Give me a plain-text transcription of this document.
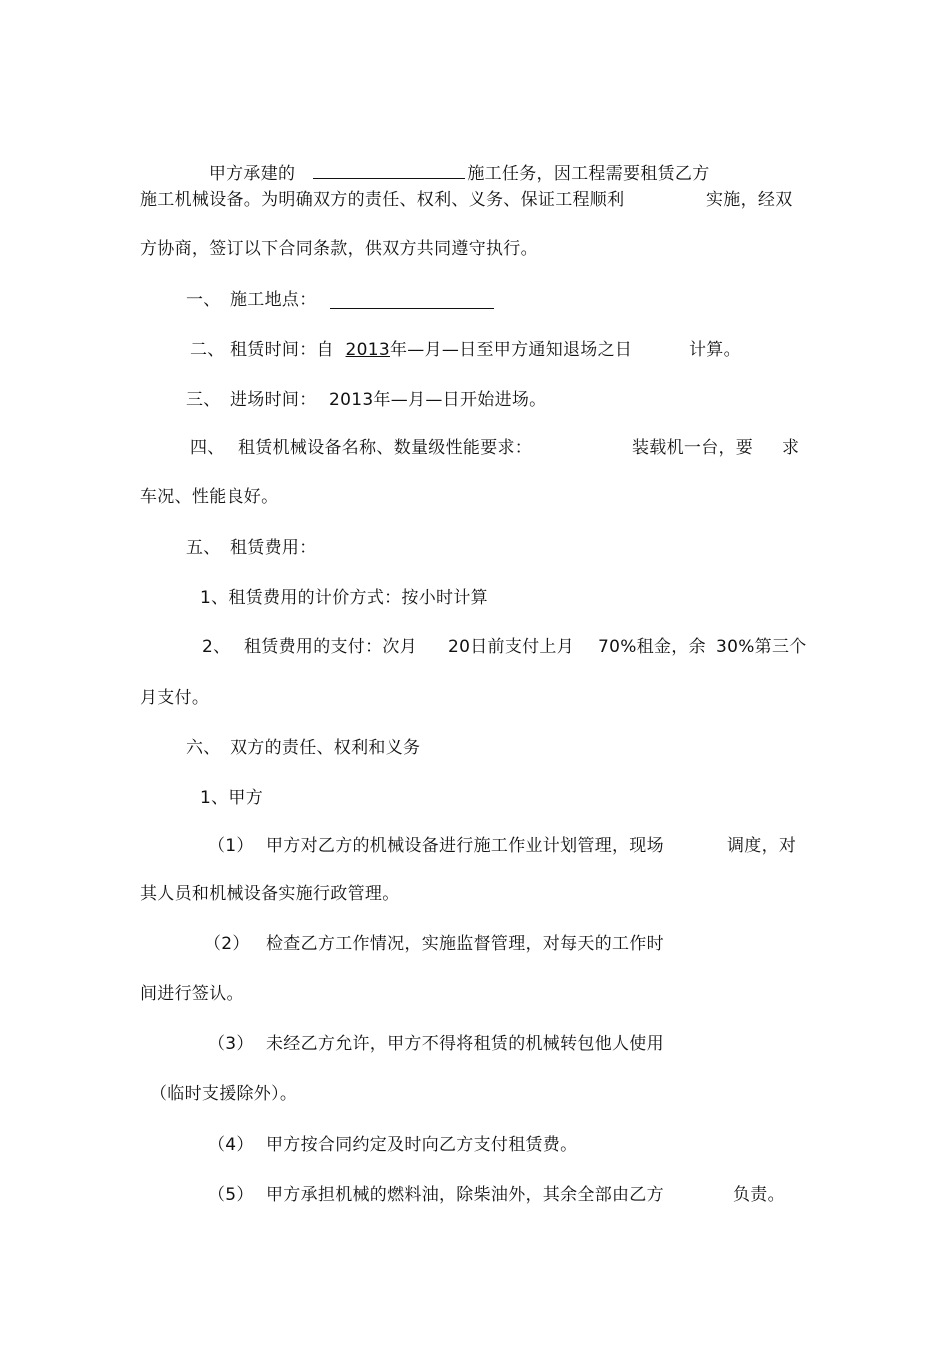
甲方承建的	施工任务，因工程需要租赁乙方

施工机械设备。为明确双方的责任、权利、义务、保证工程顺利	实施，经双
方协商，签订以下合同条款，供双方共同遵守执行。
一、 施工地点：
二、 租赁时间：自 2013年—月—日至甲方通知退场之日	计算。
三、 进场时间： 2013年—月—日开始进场。
四、 租赁机械设备名称、数量级性能要求：	装载机一台，要 求
车况、性能良好。
五、 租赁费用：
1、租赁费用的计价方式：按小时计算
2、 租赁费用的支付：次月 20日前支付上月 70%租金，余 30%第三个
月支付。
六、 双方的责任、权利和义务
1、甲方
（1） 甲方对乙方的机械设备进行施工作业计划管理，现场	调度，对
其人员和机械设备实施行政管理。
（2） 检查乙方工作情况，实施监督管理，对每天的工作时
间进行签认。
（3） 未经乙方允许，甲方不得将租赁的机械转包他人使用
（临时支援除外）。
（4） 甲方按合同约定及时向乙方支付租赁费。
（5） 甲方承担机械的燃料油，除柴油外，其余全部由乙方	负责。
